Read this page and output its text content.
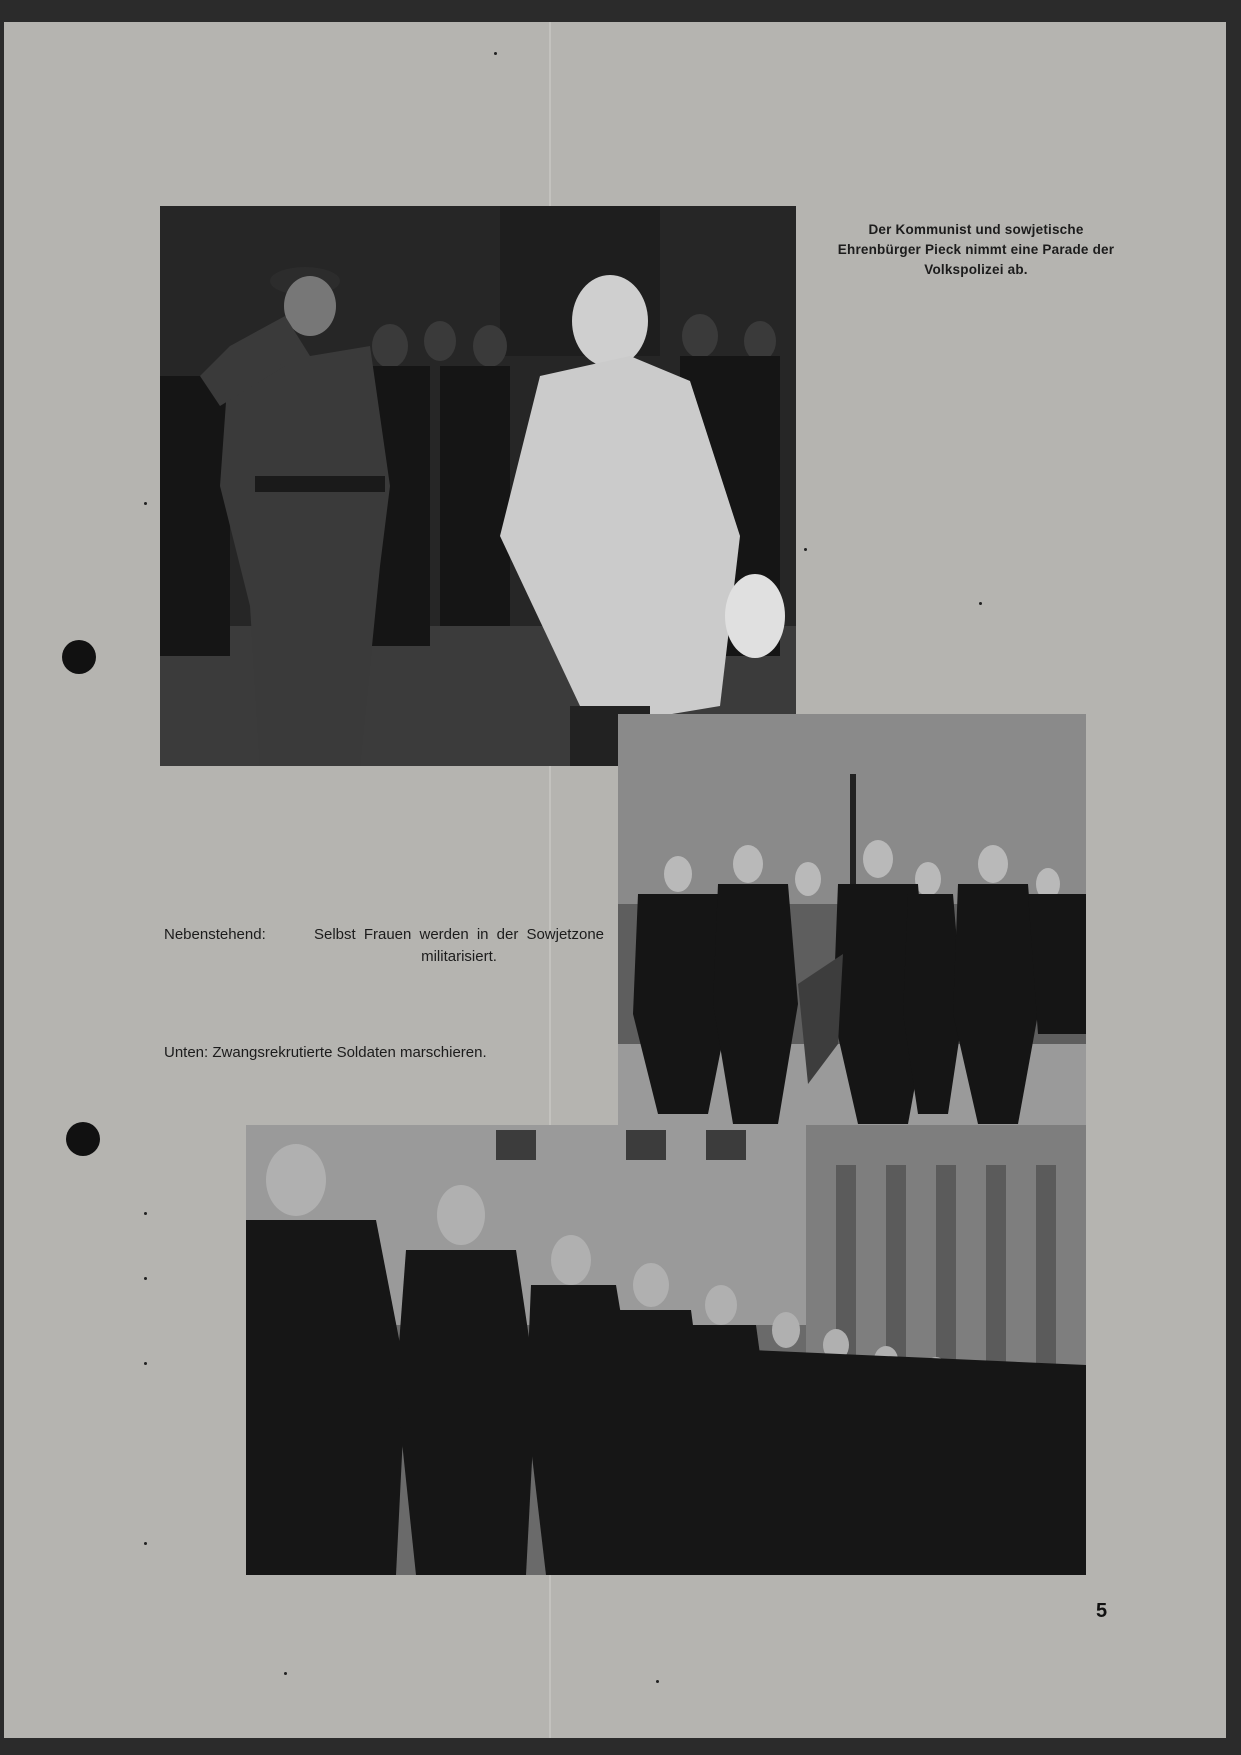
Der Kommunist und sowjetische Ehrenbürger Pieck nimmt eine Parade der Volkspolizei ab.
Nebenstehend:	Selbst Frauen werden in der Sowjetzone militarisiert.
Unten: Zwangsrekrutierte Soldaten marschieren.
5
